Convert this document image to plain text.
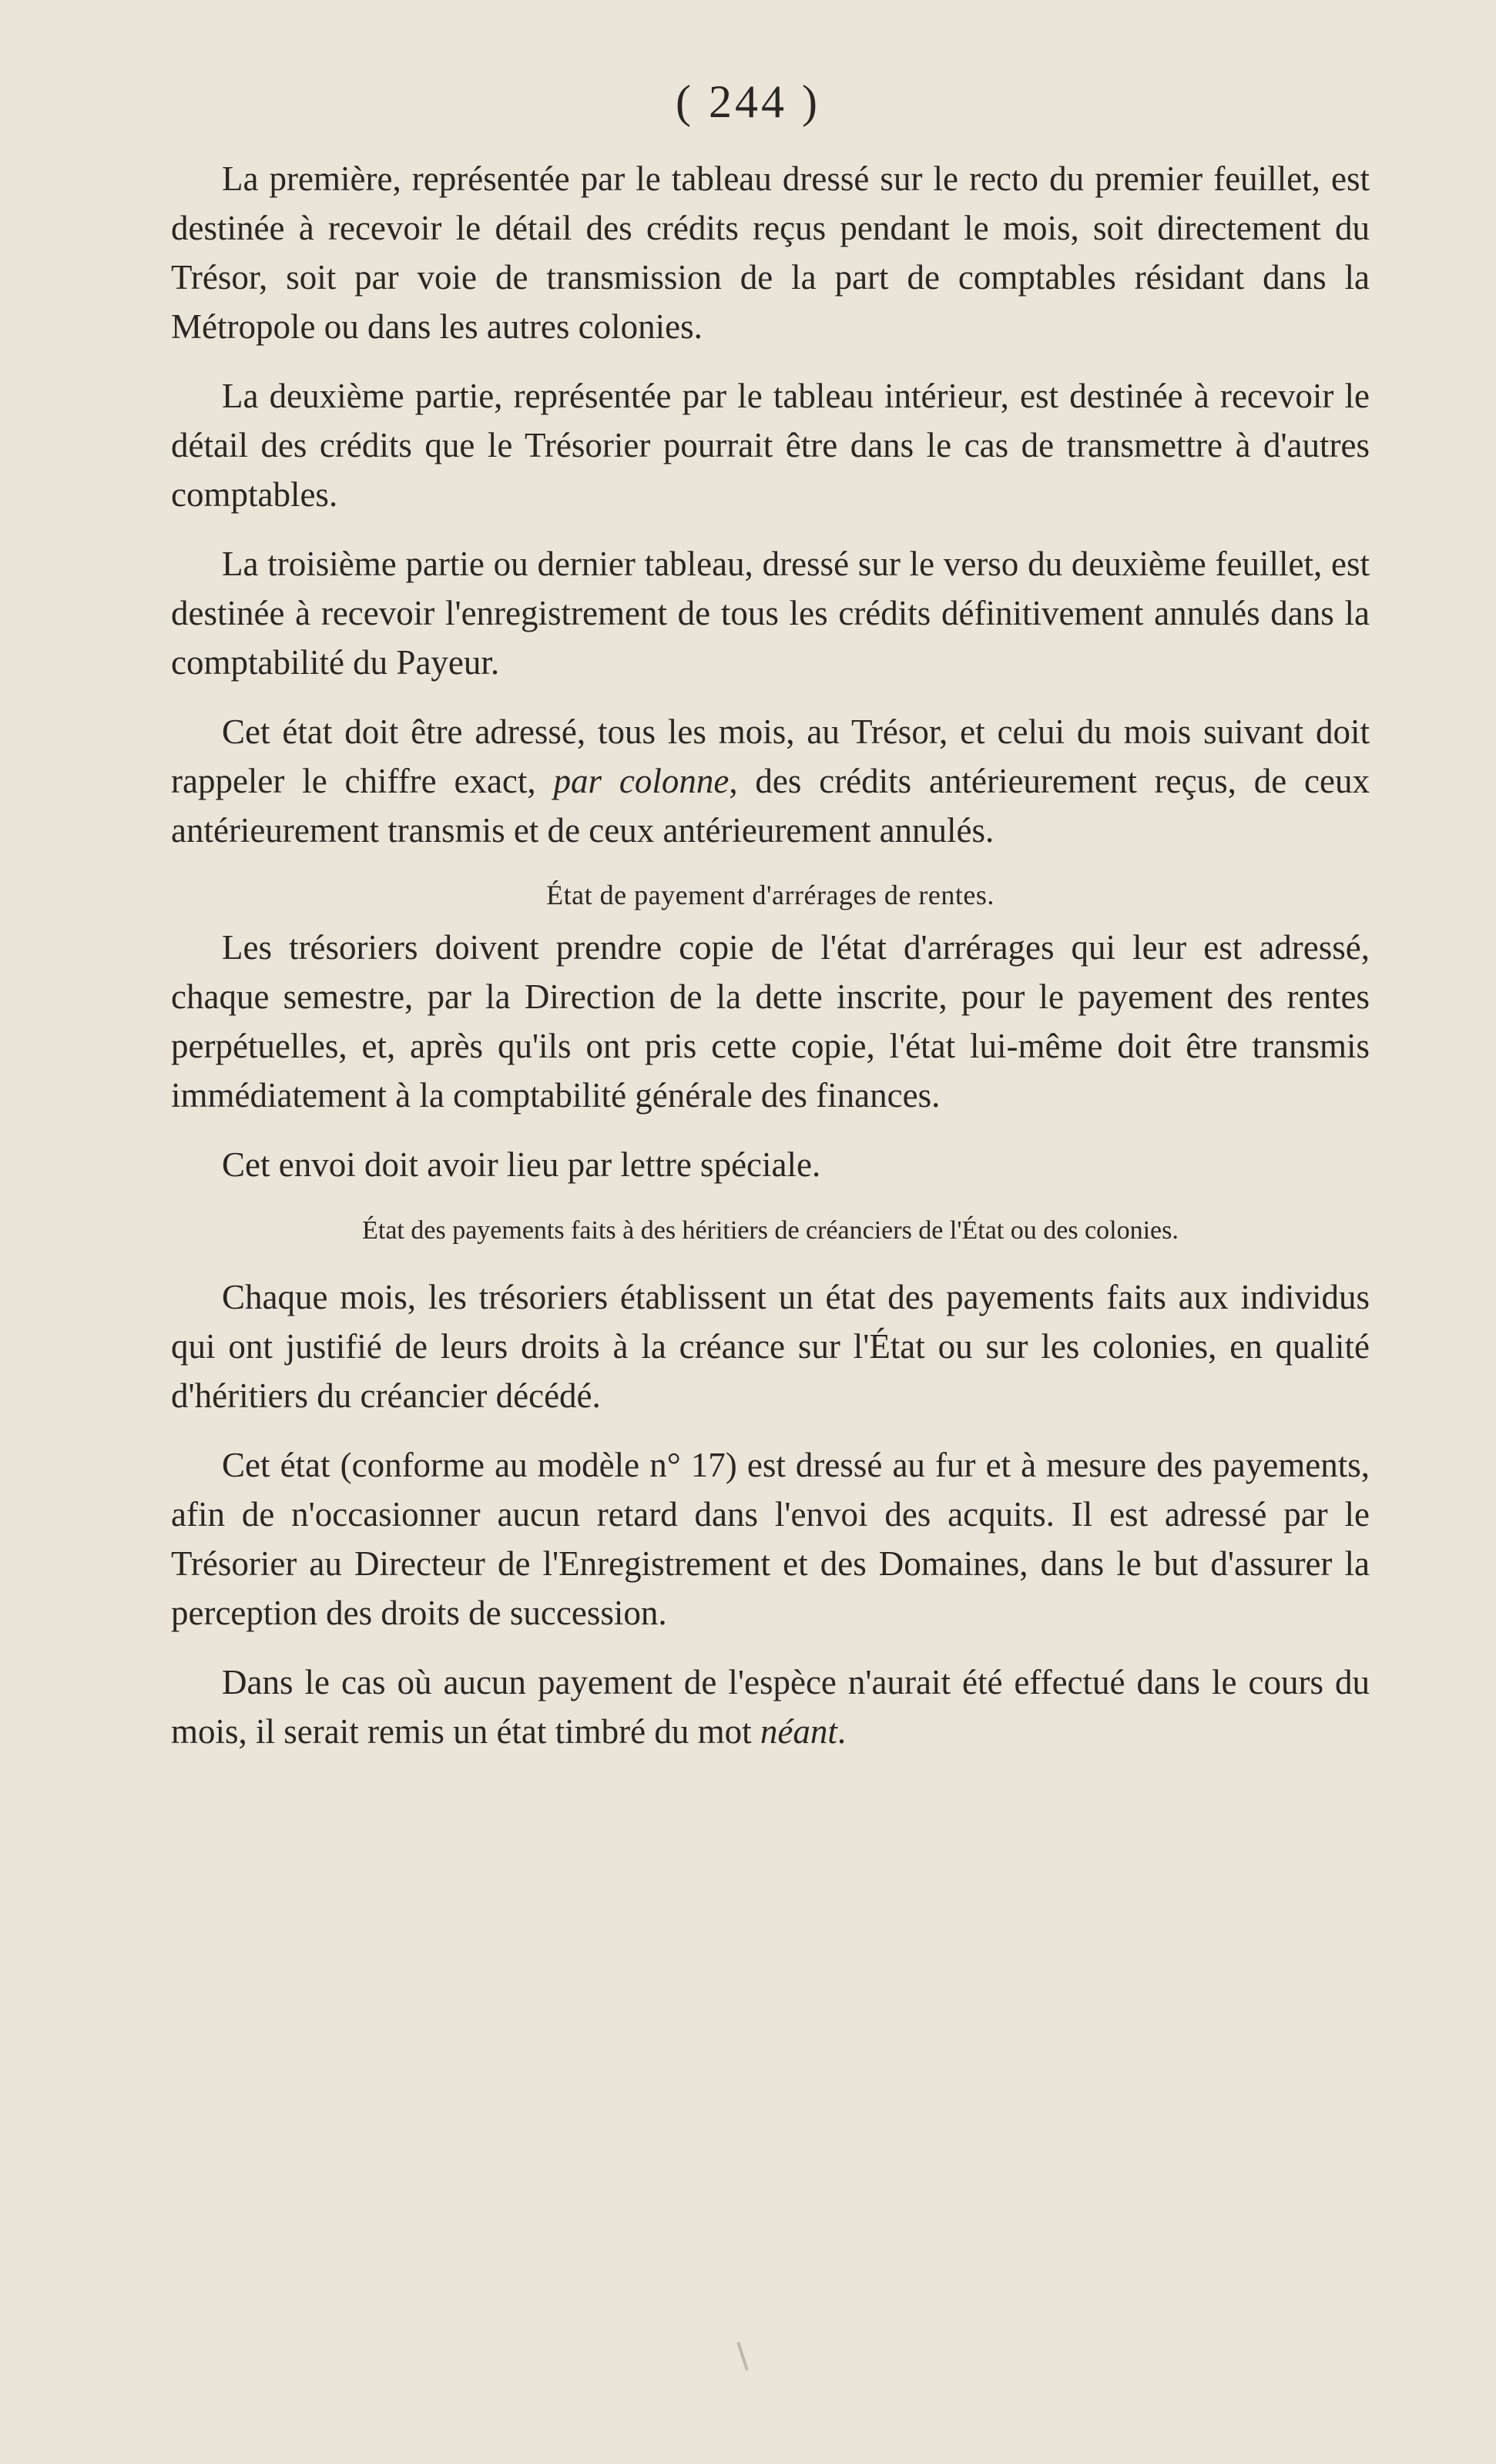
( 244 )

La première, représentée par le tableau dressé sur le recto du premier feuillet, est destinée à recevoir le détail des crédits reçus pendant le mois, soit directement du Trésor, soit par voie de transmission de la part de comptables résidant dans la Métropole ou dans les autres colonies.

La deuxième partie, représentée par le tableau intérieur, est destinée à recevoir le détail des crédits que le Trésorier pourrait être dans le cas de transmettre à d'autres comptables.

La troisième partie ou dernier tableau, dressé sur le verso du deuxième feuillet, est destinée à recevoir l'enregistrement de tous les crédits définitivement annulés dans la comptabilité du Payeur.

Cet état doit être adressé, tous les mois, au Trésor, et celui du mois suivant doit rappeler le chiffre exact, par colonne, des crédits antérieurement reçus, de ceux antérieurement transmis et de ceux antérieurement annulés.

État de payement d'arrérages de rentes.

Les trésoriers doivent prendre copie de l'état d'arrérages qui leur est adressé, chaque semestre, par la Direction de la dette inscrite, pour le payement des rentes perpétuelles, et, après qu'ils ont pris cette copie, l'état lui-même doit être transmis immédiatement à la comptabilité générale des finances.

Cet envoi doit avoir lieu par lettre spéciale.

État des payements faits à des héritiers de créanciers de l'État ou des colonies.

Chaque mois, les trésoriers établissent un état des payements faits aux individus qui ont justifié de leurs droits à la créance sur l'État ou sur les colonies, en qualité d'héritiers du créancier décédé.

Cet état (conforme au modèle n° 17) est dressé au fur et à mesure des payements, afin de n'occasionner aucun retard dans l'envoi des acquits. Il est adressé par le Trésorier au Directeur de l'Enregistrement et des Domaines, dans le but d'assurer la perception des droits de succession.

Dans le cas où aucun payement de l'espèce n'aurait été effectué dans le cours du mois, il serait remis un état timbré du mot néant.
